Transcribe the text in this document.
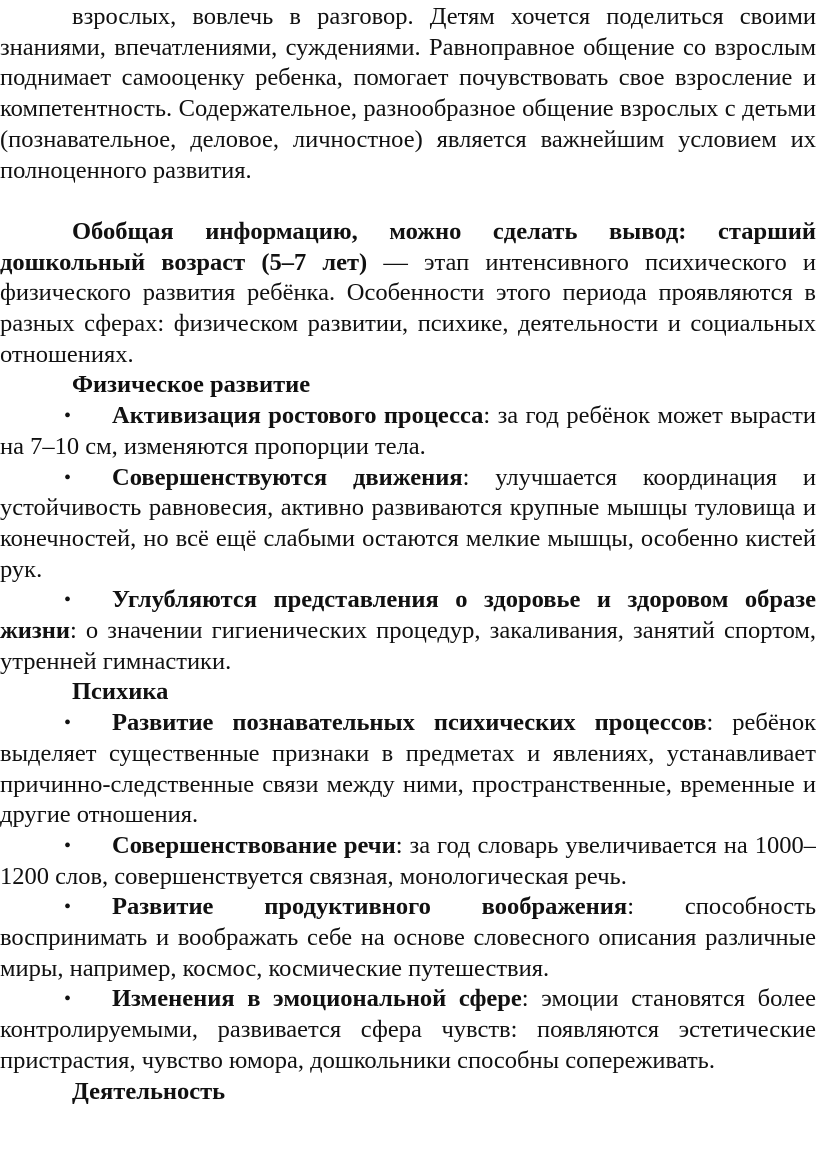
взрослых, вовлечь в разговор. Детям хочется поделиться своими знаниями, впечатлениями, суждениями. Равноправное общение со взрослым поднимает самооценку ребенка, помогает почувствовать свое взросление и компетентность. Содержательное, разнообразное общение взрослых с детьми (познавательное, деловое, личностное) является важнейшим условием их полноценного развития.

Обобщая информацию, можно сделать вывод: старший дошкольный возраст (5–7 лет) — этап интенсивного психического и физического развития ребёнка. Особенности этого периода проявляются в разных сферах: физическом развитии, психике, деятельности и социальных отношениях.

Физическое развитие

• Активизация ростового процесса: за год ребёнок может вырасти на 7–10 см, изменяются пропорции тела.

• Совершенствуются движения: улучшается координация и устойчивость равновесия, активно развиваются крупные мышцы туловища и конечностей, но всё ещё слабыми остаются мелкие мышцы, особенно кистей рук.

• Углубляются представления о здоровье и здоровом образе жизни: о значении гигиенических процедур, закаливания, занятий спортом, утренней гимнастики.

Психика

• Развитие познавательных психических процессов: ребёнок выделяет существенные признаки в предметах и явлениях, устанавливает причинно-следственные связи между ними, пространственные, временные и другие отношения.

• Совершенствование речи: за год словарь увеличивается на 1000–1200 слов, совершенствуется связная, монологическая речь.

• Развитие продуктивного воображения: способность воспринимать и воображать себе на основе словесного описания различные миры, например, космос, космические путешествия.

• Изменения в эмоциональной сфере: эмоции становятся более контролируемыми, развивается сфера чувств: появляются эстетические пристрастия, чувство юмора, дошкольники способны сопереживать.

Деятельность
